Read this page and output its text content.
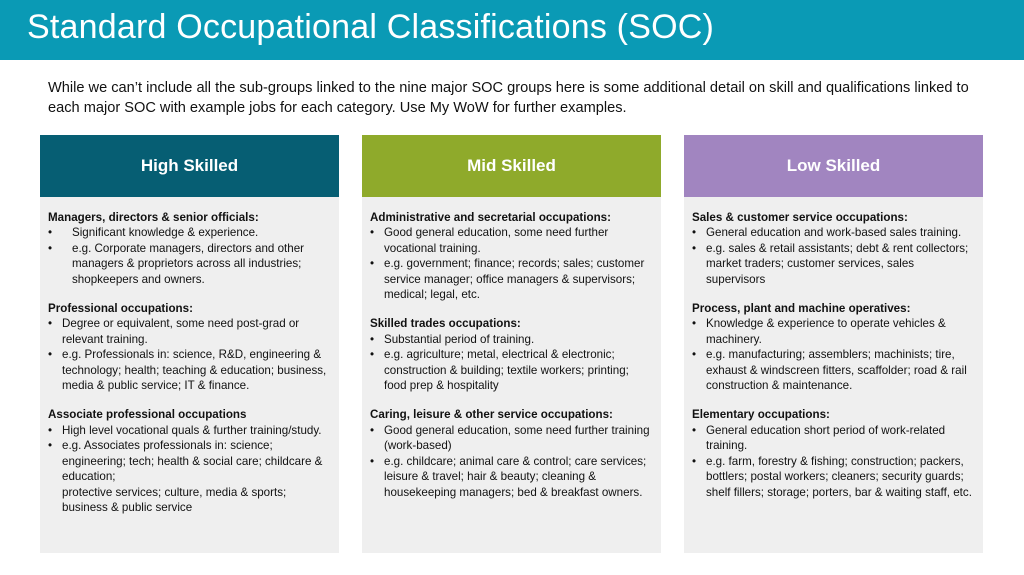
Standard Occupational Classifications (SOC)

While we can’t include all the sub-groups linked to the nine major SOC groups here is some additional detail on skill and qualifications linked to each major SOC with example jobs for each category. Use My WoW for further examples.

High Skilled
Managers, directors & senior officials:
• Significant knowledge & experience.
• e.g. Corporate managers, directors and other managers & proprietors across all industries; shopkeepers and owners.
Professional occupations:
• Degree or equivalent, some need post-grad or relevant training.
• e.g. Professionals in: science, R&D, engineering & technology; health; teaching & education; business, media & public service; IT & finance.
Associate professional occupations
• High level vocational quals & further training/study.
• e.g. Associates professionals in: science; engineering; tech; health & social care; childcare & education;
protective services; culture, media & sports; business & public service
Mid Skilled
Administrative and secretarial occupations:
• Good general education, some need further vocational training.
• e.g. government; finance; records; sales; customer service manager; office managers & supervisors; medical; legal, etc.
Skilled trades occupations:
• Substantial period of training.
• e.g. agriculture; metal, electrical & electronic; construction & building; textile workers; printing; food prep & hospitality
Caring, leisure & other service occupations:
• Good general education, some need further training (work-based)
• e.g. childcare; animal care & control; care services; leisure & travel; hair & beauty; cleaning & housekeeping managers; bed & breakfast owners.
Low Skilled
Sales & customer service occupations:
• General education and work-based sales training.
• e.g. sales & retail assistants; debt & rent collectors; market traders; customer services, sales supervisors
Process, plant and machine operatives:
• Knowledge & experience to operate vehicles & machinery.
• e.g. manufacturing; assemblers; machinists; tire, exhaust & windscreen fitters, scaffolder; road & rail construction & maintenance.
Elementary occupations:
• General education short period of work-related training.
• e.g. farm, forestry & fishing; construction; packers, bottlers; postal workers; cleaners; security guards; shelf fillers; storage; porters, bar & waiting staff, etc.
